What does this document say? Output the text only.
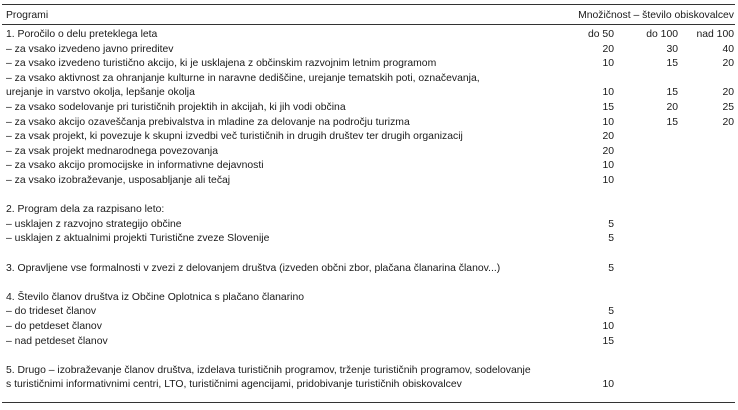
Programi	Množičnost – število obiskovalcev
do 50	do 100 nad 100
1. Poročilo o delu preteklega leta
– za vsako izvedeno javno prireditev	20	30	40
– za vsako izvedeno turistično akcijo, ki je usklajena z občinskim razvojnim letnim programom	10	15	20
– za vsako aktivnost za ohranjanje kulturne in naravne dediščine, urejanje tematskih poti, označevanja,
urejanje in varstvo okolja, lepšanje okolja	10	15	20
– za vsako sodelovanje pri turističnih projektih in akcijah, ki jih vodi občina	15	20	25
– za vsako akcijo ozaveščanja prebivalstva in mladine za delovanje na področju turizma	10	15	20
– za vsak projekt, ki povezuje k skupni izvedbi več turističnih in drugih društev ter drugih organizacij	20
– za vsak projekt mednarodnega povezovanja	20
– za vsako akcijo promocijske in informativne dejavnosti	10
– za vsako izobraževanje, usposabljanje ali tečaj	10
2. Program dela za razpisano leto:
– usklajen z razvojno strategijo občine	5
– usklajen z aktualnimi projekti Turistične zveze Slovenije	5
3. Opravljene vse formalnosti v zvezi z delovanjem društva (izveden občni zbor, plačana članarina članov...)	5
4. Število članov društva iz Občine Oplotnica s plačano članarino
– do trideset članov	5
– do petdeset članov	10
– nad petdeset članov	15
5. Drugo – izobraževanje članov društva, izdelava turističnih programov, trženje turističnih programov, sodelovanje
s turističnimi informativnimi centri, LTO, turističnimi agencijami, pridobivanje turističnih obiskovalcev	10
